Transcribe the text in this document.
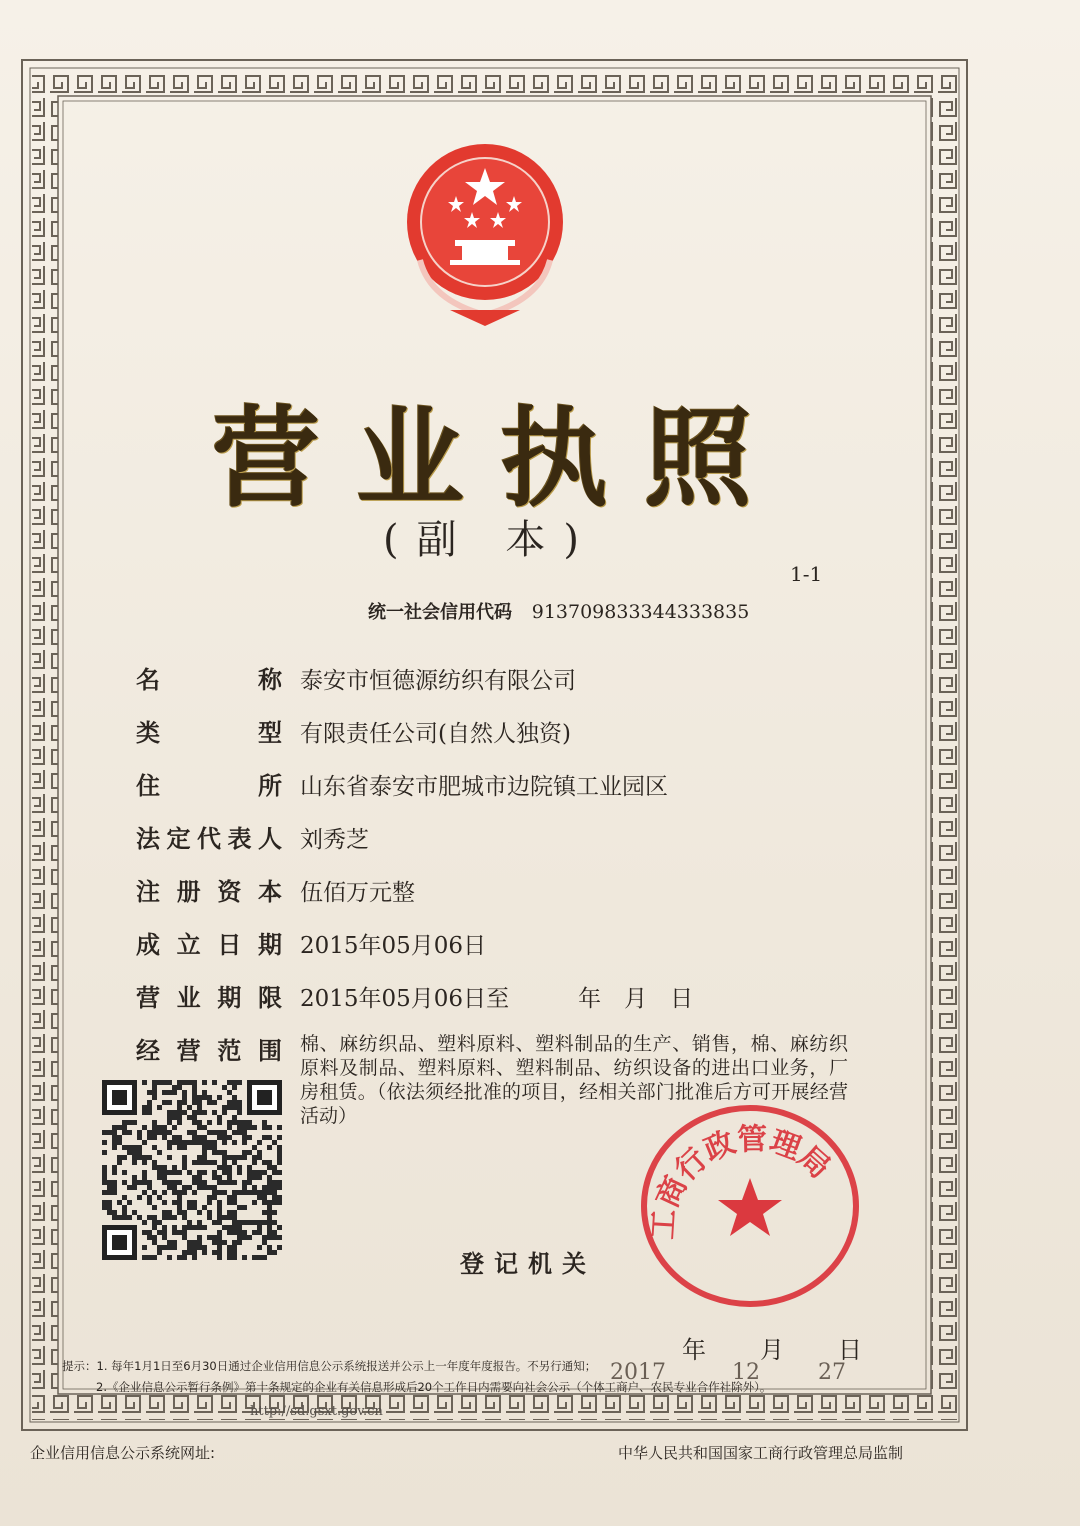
营业执照
(副 本)
1-1
统一社会信用代码 913709833344333835
名	称 泰安市恒德源纺织有限公司
类	型 有限责任公司(自然人独资)
住	所 山东省泰安市肥城市边院镇工业园区
法 定 代 表 人 刘秀芝
注 册 资 本 伍佰万元整
成 立 日 期 2015年05月06日
营 业 期 限 2015年05月06日至　　　年　月　日
经 营 范 围 棉、麻纺织品、塑料原料、塑料制品的生产、销售，棉、麻纺织原料及制品、塑料原料、塑料制品、纺织设备的进出口业务，厂房租赁。（依法须经批准的项目，经相关部门批准后方可开展经营活动）
登记机关
工商行政管理局
年 月 日
2017	12	27
提示：1. 每年1月1日至6月30日通过企业信用信息公示系统报送并公示上一年度年度报告。不另行通知；
2.《企业信息公示暂行条例》第十条规定的企业有关信息形成后20个工作日内需要向社会公示（个体工商户、农民专业合作社除外）。
http://sd.gsxt.gov.cn
企业信用信息公示系统网址:	中华人民共和国国家工商行政管理总局监制
